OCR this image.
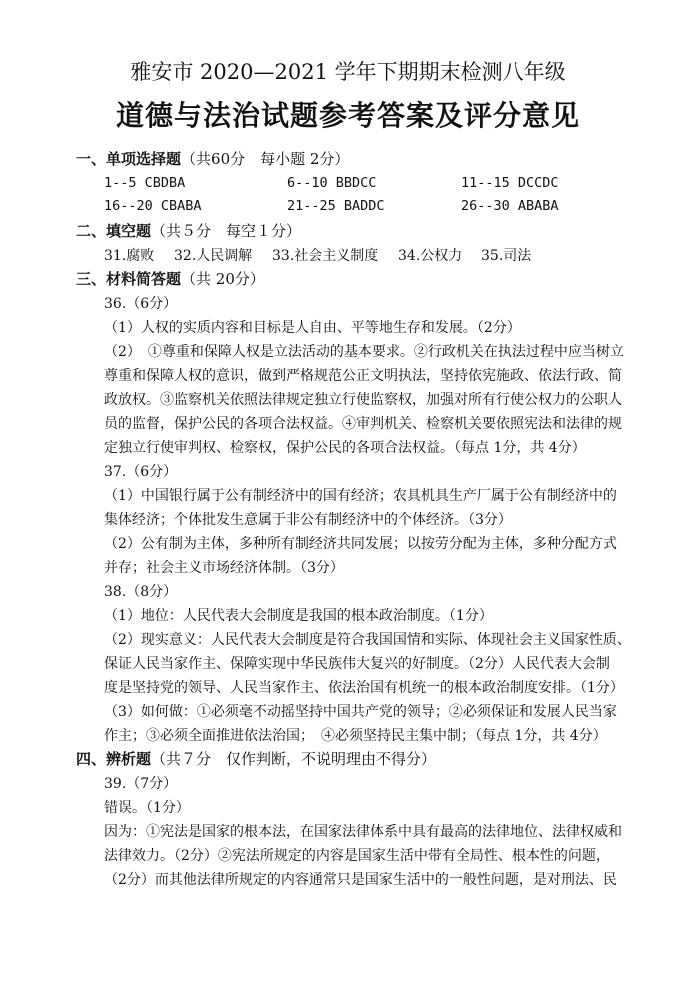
雅安市 2020—2021 学年下期期末检测八年级
道德与法治试题参考答案及评分意见
一、单项选择题（共60分　每小题 2分）
1--5 CBDBA	6--10 BBDCC	11--15 DCCDC
16--20 CBABA	21--25 BADDC	26--30 ABABA
二、填空题（共５分　每空１分）
31.腐败 32.人民调解 33.社会主义制度 34.公权力 35.司法
三、材料简答题（共 20分）
36.（6分）
（1）人权的实质内容和目标是人自由、平等地生存和发展。（2分）
（2）　①尊重和保障人权是立法活动的基本要求。②行政机关在执法过程中应当树立
尊重和保障人权的意识，做到严格规范公正文明执法，坚持依宪施政、依法行政、简
政放权。③监察机关依照法律规定独立行使监察权，加强对所有行使公权力的公职人
员的监督，保护公民的各项合法权益。④审判机关、检察机关要依照宪法和法律的规
定独立行使审判权、检察权，保护公民的各项合法权益。（每点 1分，共 4分）
37.（6分）
（1）中国银行属于公有制经济中的国有经济；农具机具生产厂属于公有制经济中的
集体经济；个体批发生意属于非公有制经济中的个体经济。（3分）
（2）公有制为主体，多种所有制经济共同发展；以按劳分配为主体，多种分配方式
并存；社会主义市场经济体制。（3分）
38.（8分）
（1）地位：人民代表大会制度是我国的根本政治制度。（1分）
（2）现实意义：人民代表大会制度是符合我国国情和实际、体现社会主义国家性质、
保证人民当家作主、保障实现中华民族伟大复兴的好制度。（2分）人民代表大会制
度是坚持党的领导、人民当家作主、依法治国有机统一的根本政治制度安排。（1分）
（3）如何做：①必须毫不动摇坚持中国共产党的领导；②必须保证和发展人民当家
作主；③必须全面推进依法治国；　④必须坚持民主集中制；（每点 1分，共 4分）
四、辨析题（共７分　仅作判断，不说明理由不得分）
39.（7分）
错误。（1分）
因为：①宪法是国家的根本法，在国家法律体系中具有最高的法律地位、法律权威和
法律效力。（2分）②宪法所规定的内容是国家生活中带有全局性、根本性的问题，
（2分）而其他法律所规定的内容通常只是国家生活中的一般性问题，是对刑法、民
